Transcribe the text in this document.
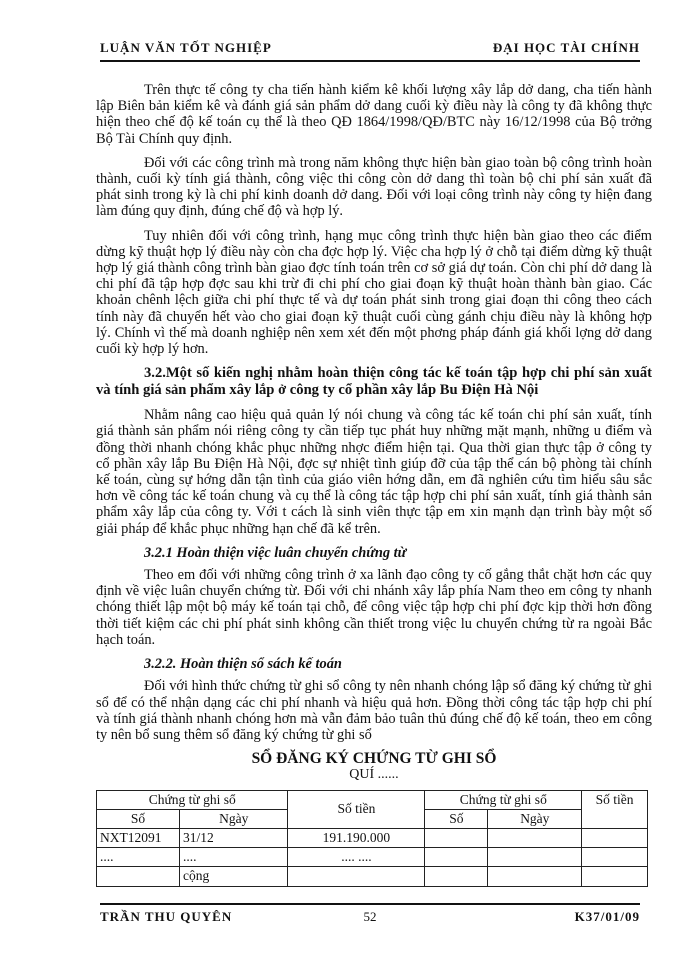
LUẬN VĂN TỐT NGHIỆP	ĐẠI HỌC TÀI CHÍNH

Trên thực tế công ty cha tiến hành kiểm kê khối lượng xây lắp dở dang, cha tiến hành lập Biên bản kiểm kê và đánh giá sản phẩm dở dang cuối kỳ điều này là công ty đã không thực hiện theo chế độ kế toán cụ thể là theo QĐ 1864/1998/QĐ/BTC này 16/12/1998 của Bộ trởng Bộ Tài Chính quy định.

Đối với các công trình mà trong năm không thực hiện bàn giao toàn bộ công trình hoàn thành, cuối kỳ tính giá thành, công việc thi công còn dở dang thì toàn bộ chi phí sản xuất đã phát sinh trong kỳ là chi phí kinh doanh dở dang. Đối với loại công trình này công ty hiện đang làm đúng quy định, đúng chế độ và hợp lý.

Tuy nhiên đối với công trình, hạng mục công trình thực hiện bàn giao theo các điểm dừng kỹ thuật hợp lý điều này còn cha đợc hợp lý. Việc cha hợp lý ở chỗ tại điểm dừng kỹ thuật hợp lý giá thành công trình bàn giao đợc tính toán trên cơ sở giá dự toán. Còn chi phí dở dang là chi phí đã tập hợp đợc sau khi trừ đi chi phí cho giai đoạn kỹ thuật hoàn thành bàn giao. Các khoản chênh lệch giữa chi phí thực tế và dự toán phát sinh trong giai đoạn thi công theo cách tính này đã chuyển hết vào cho giai đoạn kỹ thuật cuối cùng gánh chịu điều này là không hợp lý. Chính vì thế mà doanh nghiệp nên xem xét đến một phơng pháp đánh giá khối lợng dở dang cuối kỳ hợp lý hơn.

3.2.Một số kiến nghị nhằm hoàn thiện công tác kế toán tập hợp chi phí sản xuất và tính giá sản phẩm xây lắp ở công ty cổ phần xây lắp Bu Điện Hà Nội

Nhằm nâng cao hiệu quả quản lý nói chung và công tác kế toán chi phí sản xuất, tính giá thành sản phẩm nói riêng công ty cần tiếp tục phát huy những mặt mạnh, những u điểm và đồng thời nhanh chóng khắc phục những nhợc điểm hiện tại. Qua thời gian thực tập ở công ty cổ phần xây lắp Bu Điện Hà Nội, đợc sự nhiệt tình giúp đỡ của tập thể cán bộ phòng tài chính kế toán, cùng sự hớng dẫn tận tình của giáo viên hớng dẫn, em đã nghiên cứu tìm hiểu sâu sắc hơn về công tác kế toán chung và cụ thể là công tác tập hợp chi phí sản xuất, tính giá thành sản phẩm xây lắp của công ty. Với t cách là sinh viên thực tập em xin mạnh dạn trình bày một số giải pháp để khắc phục những hạn chế đã kể trên.

3.2.1 Hoàn thiện việc luân chuyển chứng từ

Theo em đối với những công trình ở xa lãnh đạo công ty cố gắng thắt chặt hơn các quy định về việc luân chuyển chứng từ. Đối với chi nhánh xây lắp phía Nam theo em công ty nhanh chóng thiết lập một bộ máy kế toán tại chỗ, để công việc tập hợp chi phí đợc kịp thời hơn đồng thời tiết kiệm các chi phí phát sinh không cần thiết trong việc lu chuyển chứng từ ra ngoài Bắc hạch toán.

3.2.2. Hoàn thiện sổ sách kế toán

Đối với hình thức chứng từ ghi sổ công ty nên nhanh chóng lập sổ đăng ký chứng từ ghi sổ để có thể nhận dạng các chi phí nhanh và hiệu quả hơn. Đồng thời công tác tập hợp chi phí và tính giá thành nhanh chóng hơn mà vẫn đảm bảo tuân thủ đúng chế độ kế toán, theo em công ty nên bổ sung thêm sổ đăng ký chứng từ ghi sổ

SỔ ĐĂNG KÝ CHỨNG TỪ GHI SỔ

QUÍ ......

Chứng từ ghi sổ		Số tiền	Chứng từ ghi sổ		Số tiền
Số	Ngày		Số	Ngày	
NXT12091	31/12	191.190.000			
....	....	.... ....			
	cộng				
TRẦN THU QUYÊN	52	K37/01/09
